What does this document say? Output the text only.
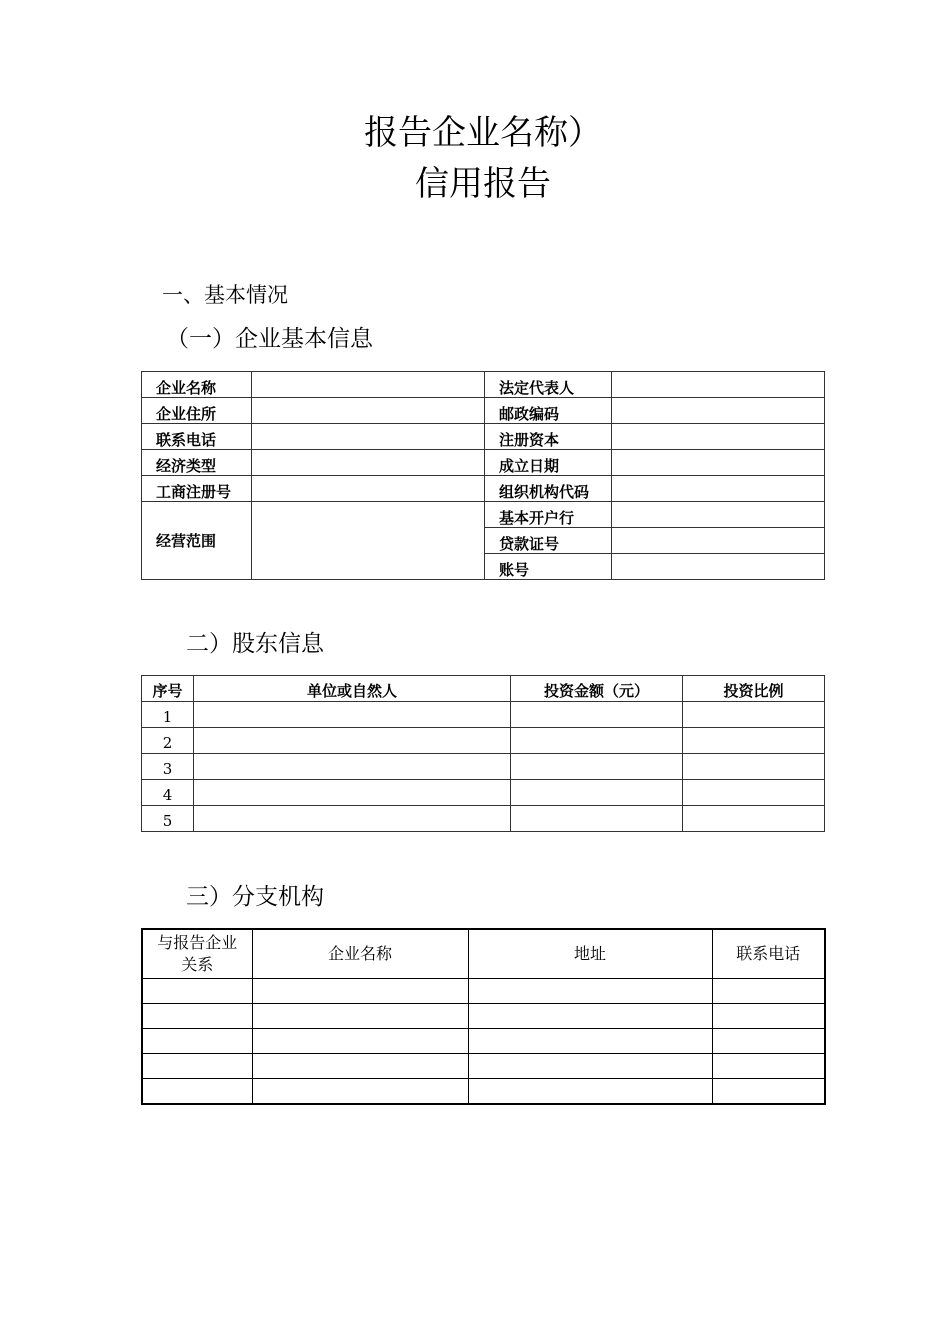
报告企业名称）
信用报告
一、基本情况
（一）企业基本信息
企业名称		法定代表人	
企业住所		邮政编码	
联系电话		注册资本	
经济类型		成立日期	
工商注册号		组织机构代码	
经营范围		基本开户行	
		贷款证号	
		账号	
二）股东信息
序号	单位或自然人	投资金额（元）	投资比例
1			
2			
3			
4			
5			
三）分支机构
与报告企业关系	企业名称	地址	联系电话
